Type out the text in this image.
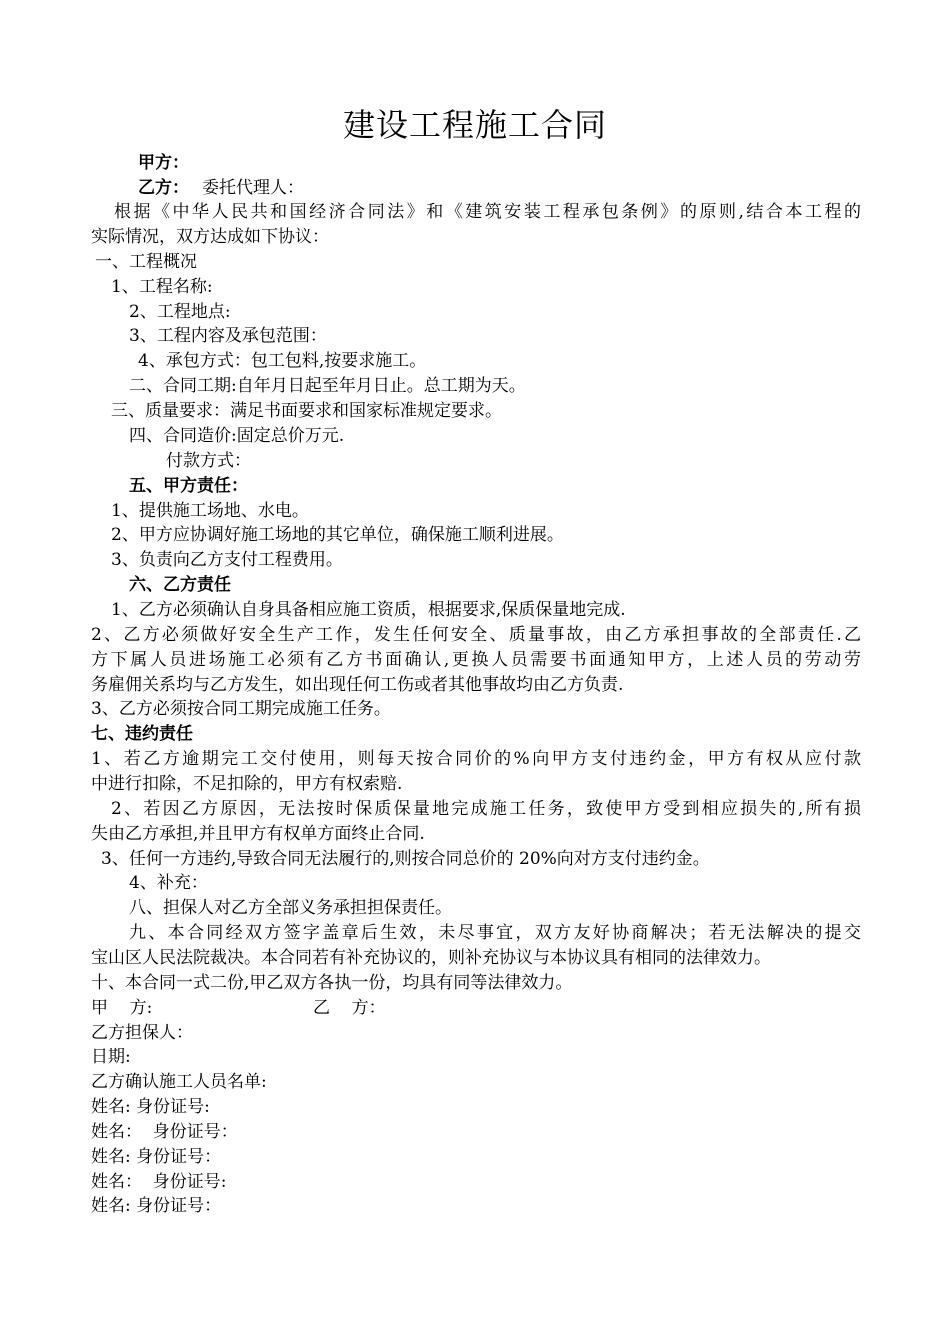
建设工程施工合同
甲方：
乙方： 委托代理人：
根据《中华人民共和国经济合同法》和《建筑安装工程承包条例》的原则,结合本工程的
实际情况，双方达成如下协议：
一、工程概况
1、工程名称:
2、工程地点:
3、工程内容及承包范围：
4、承包方式：包工包料,按要求施工。
二、合同工期:自年月日起至年月日止。总工期为天。
三、质量要求：满足书面要求和国家标准规定要求。
四、合同造价:固定总价万元.
付款方式：
五、甲方责任：
1、提供施工场地、水电。
2、甲方应协调好施工场地的其它单位，确保施工顺利进展。
3、负责向乙方支付工程费用。
六、乙方责任
1、乙方必须确认自身具备相应施工资质，根据要求,保质保量地完成.
2、乙方必须做好安全生产工作，发生任何安全、质量事故，由乙方承担事故的全部责任.乙
方下属人员进场施工必须有乙方书面确认,更换人员需要书面通知甲方，上述人员的劳动劳
务雇佣关系均与乙方发生，如出现任何工伤或者其他事故均由乙方负责.
3、乙方必须按合同工期完成施工任务。
七、违约责任
1、若乙方逾期完工交付使用，则每天按合同价的%向甲方支付违约金，甲方有权从应付款
中进行扣除，不足扣除的，甲方有权索赔.
2、若因乙方原因，无法按时保质保量地完成施工任务，致使甲方受到相应损失的,所有损
失由乙方承担,并且甲方有权单方面终止合同.
3、任何一方违约,导致合同无法履行的,则按合同总价的 20%向对方支付违约金。
4、补充：
八、担保人对乙方全部义务承担担保责任。
九、本合同经双方签字盖章后生效，未尽事宜，双方友好协商解决；若无法解决的提交
宝山区人民法院裁决。本合同若有补充协议的，则补充协议与本协议具有相同的法律效力。
十、本合同一式二份,甲乙双方各执一份，均具有同等法律效力。
甲    方:	乙    方：
乙方担保人：
日期:
乙方确认施工人员名单:
姓名: 身份证号:
姓名：  身份证号：
姓名: 身份证号：
姓名：  身份证号:
姓名: 身份证号：
